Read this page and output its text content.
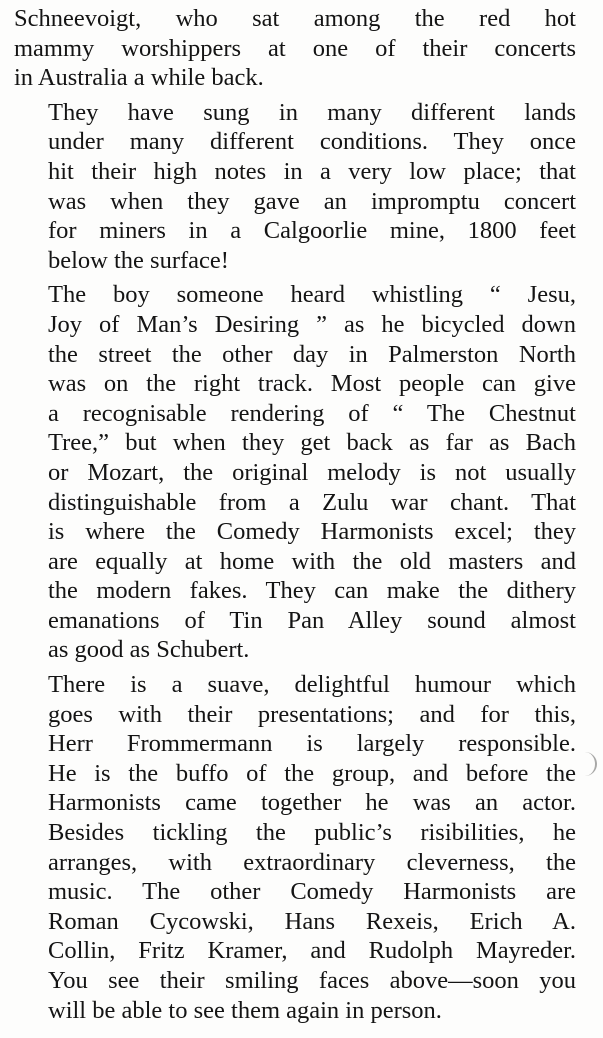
Schneevoigt, who sat among the red hot
mammy worshippers at one of their concerts
in Australia a while back.

They have sung in many different lands
under many different conditions. They once
hit their high notes in a very low place; that
was when they gave an impromptu concert
for miners in a Calgoorlie mine, 1800 feet
below the surface!

The boy someone heard whistling “ Jesu,
Joy of Man’s Desiring ” as he bicycled down
the street the other day in Palmerston North
was on the right track. Most people can give
a recognisable rendering of “ The Chestnut
Tree,” but when they get back as far as Bach
or Mozart, the original melody is not usually
distinguishable from a Zulu war chant. That
is where the Comedy Harmonists excel; they
are equally at home with the old masters and
the modern fakes. They can make the dithery
emanations of Tin Pan Alley sound almost
as good as Schubert.

There is a suave, delightful humour which
goes with their presentations; and for this,
Herr Frommermann is largely responsible.
He is the buffo of the group, and before the
Harmonists came together he was an actor.
Besides tickling the public’s risibilities, he
arranges, with extraordinary cleverness, the
music. The other Comedy Harmonists are
Roman Cycowski, Hans Rexeis, Erich A.
Collin, Fritz Kramer, and Rudolph Mayreder.
You see their smiling faces above—soon you
will be able to see them again in person.
